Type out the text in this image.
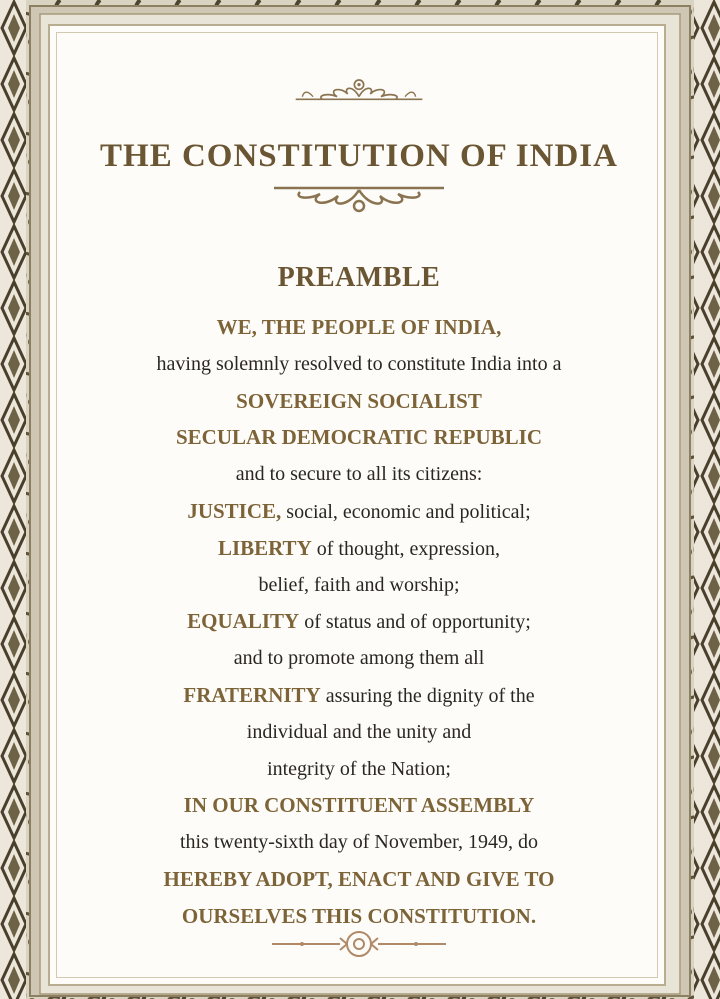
THE CONSTITUTION OF INDIA
PREAMBLE
WE, THE PEOPLE OF INDIA,
having solemnly resolved to constitute India into a
SOVEREIGN SOCIALIST
SECULAR DEMOCRATIC REPUBLIC
and to secure to all its citizens:
JUSTICE, social, economic and political;
LIBERTY of thought, expression,
belief, faith and worship;
EQUALITY of status and of opportunity;
and to promote among them all
FRATERNITY assuring the dignity of the
individual and the unity and
integrity of the Nation;
IN OUR CONSTITUENT ASSEMBLY
this twenty-sixth day of November, 1949, do
HEREBY ADOPT, ENACT AND GIVE TO
OURSELVES THIS CONSTITUTION.
